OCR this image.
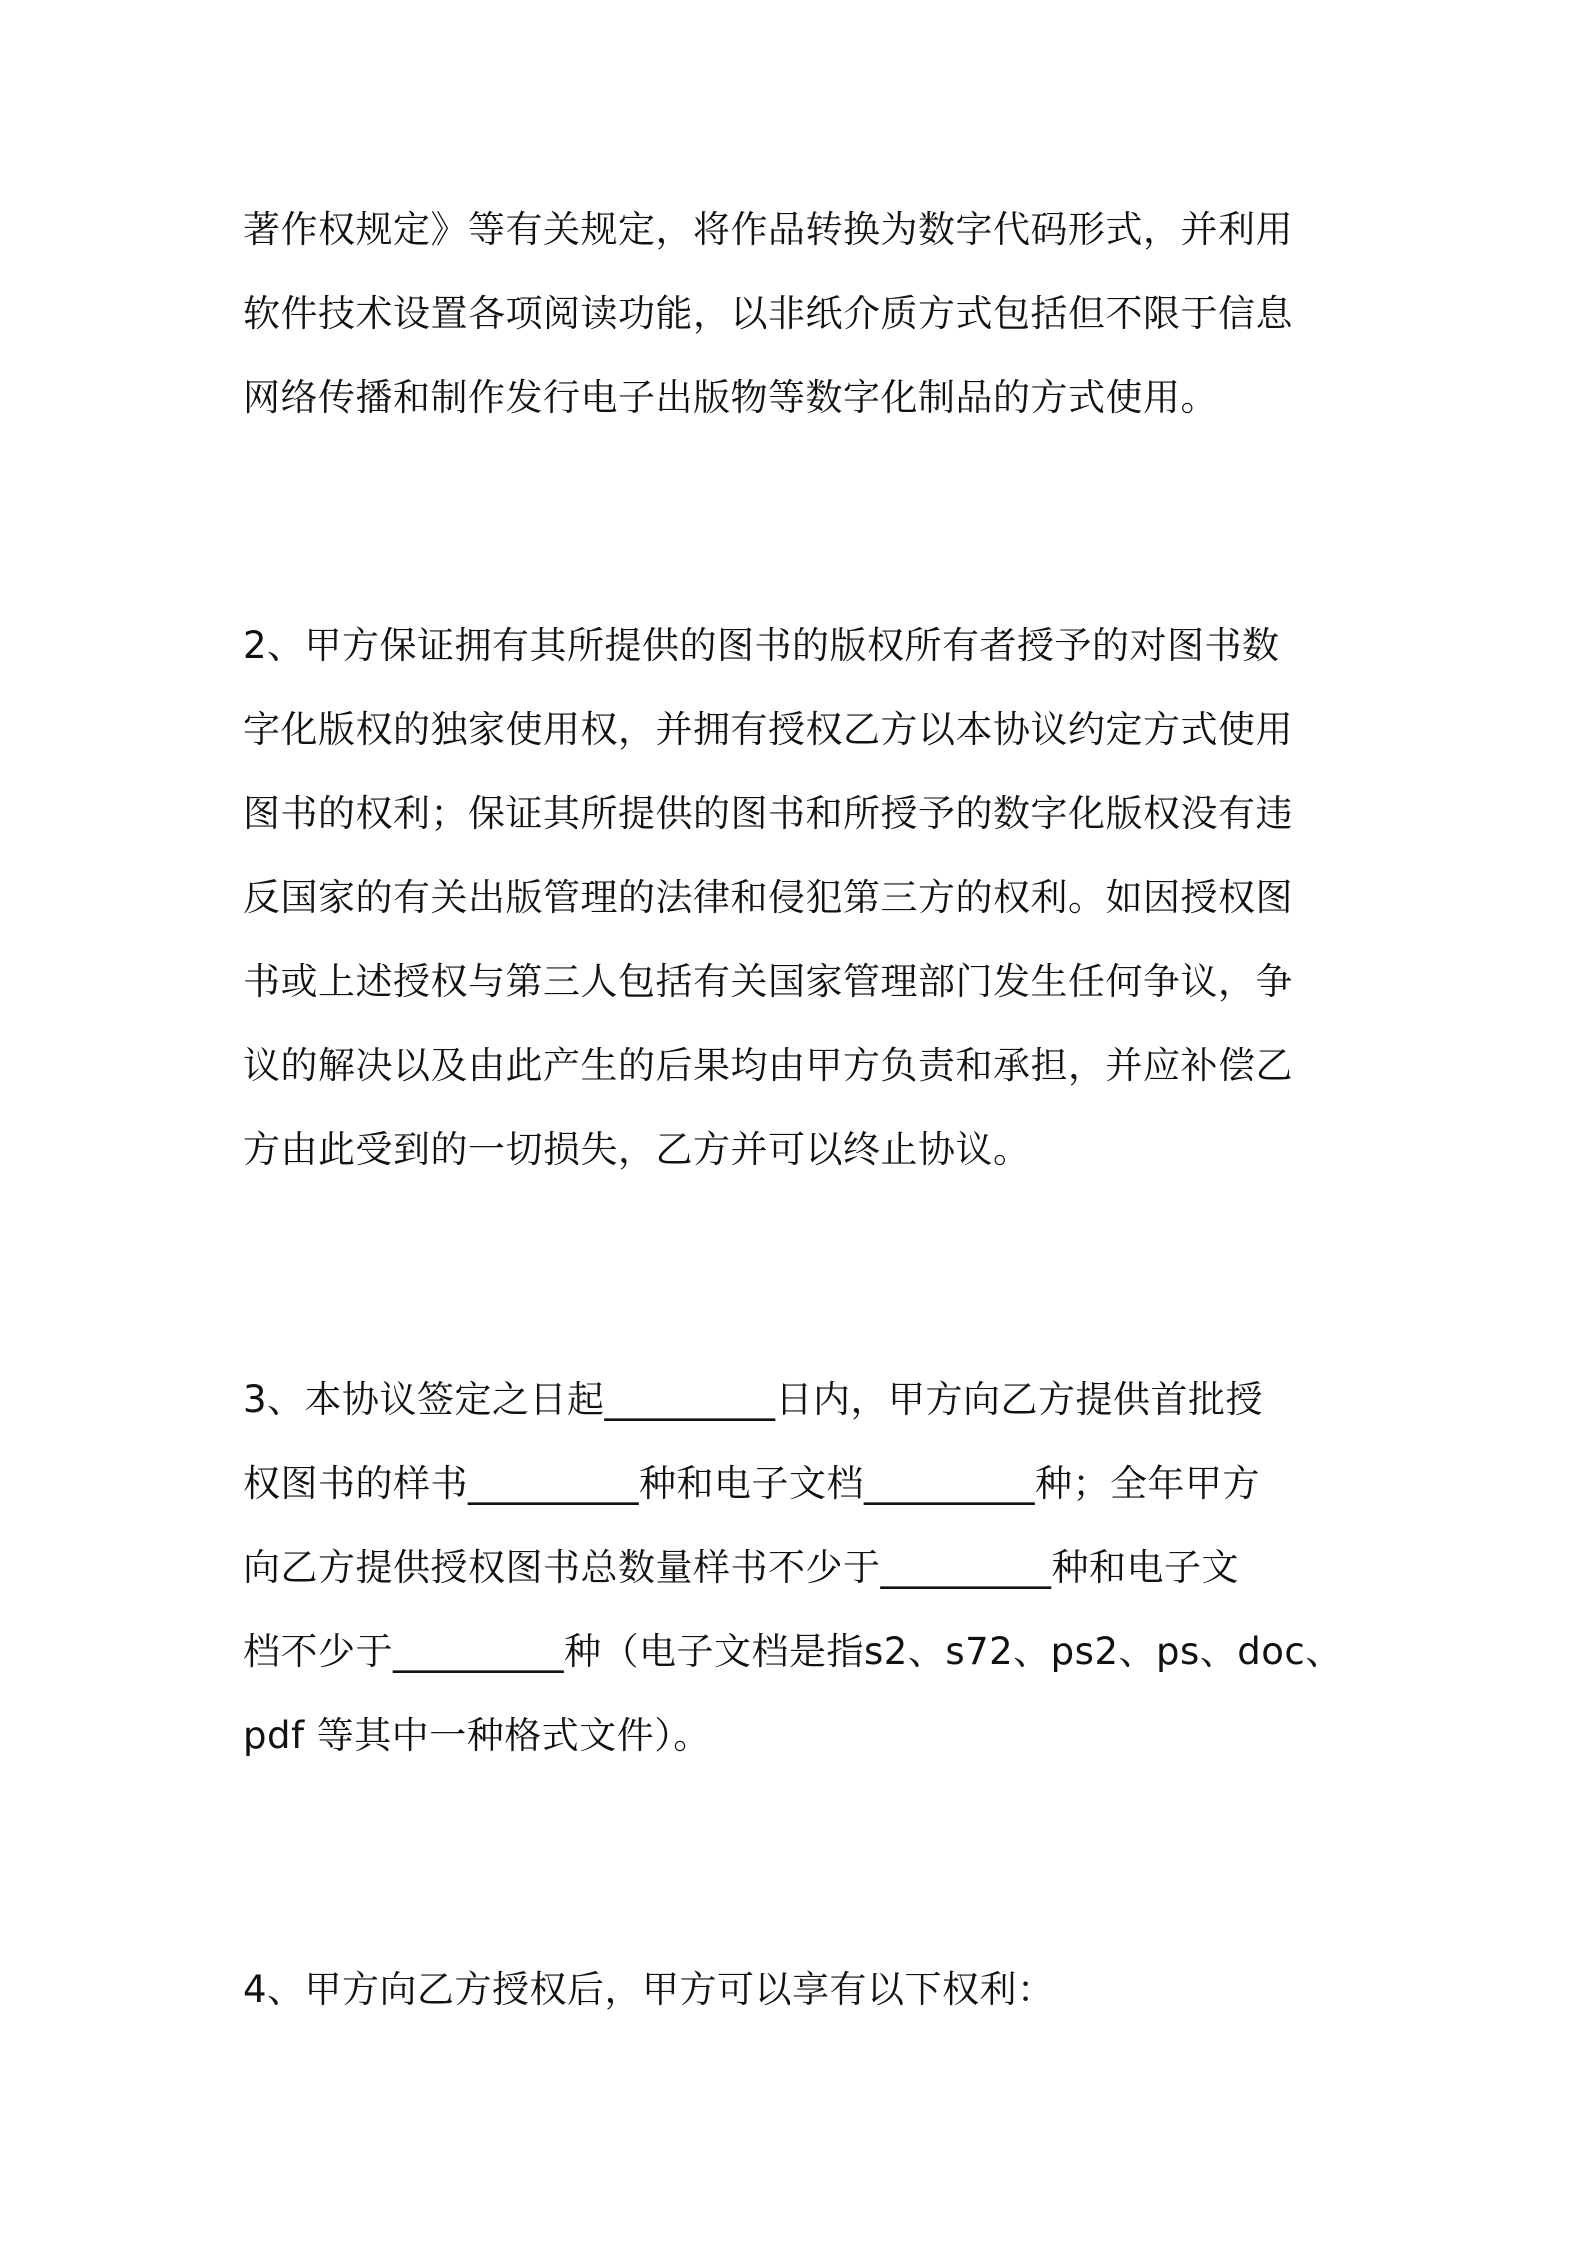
著作权规定》等有关规定，将作品转换为数字代码形式，并利用
软件技术设置各项阅读功能，以非纸介质方式包括但不限于信息
网络传播和制作发行电子出版物等数字化制品的方式使用。
2、甲方保证拥有其所提供的图书的版权所有者授予的对图书数
字化版权的独家使用权，并拥有授权乙方以本协议约定方式使用
图书的权利；保证其所提供的图书和所授予的数字化版权没有违
反国家的有关出版管理的法律和侵犯第三方的权利。如因授权图
书或上述授权与第三人包括有关国家管理部门发生任何争议，争
议的解决以及由此产生的后果均由甲方负责和承担，并应补偿乙
方由此受到的一切损失，乙方并可以终止协议。
3、本协议签定之日起_________日内，甲方向乙方提供首批授
权图书的样书_________种和电子文档_________种；全年甲方
向乙方提供授权图书总数量样书不少于_________种和电子文
档不少于_________种（电子文档是指s2、s72、ps2、ps、doc、
pdf 等其中一种格式文件）。
4、甲方向乙方授权后，甲方可以享有以下权利：
